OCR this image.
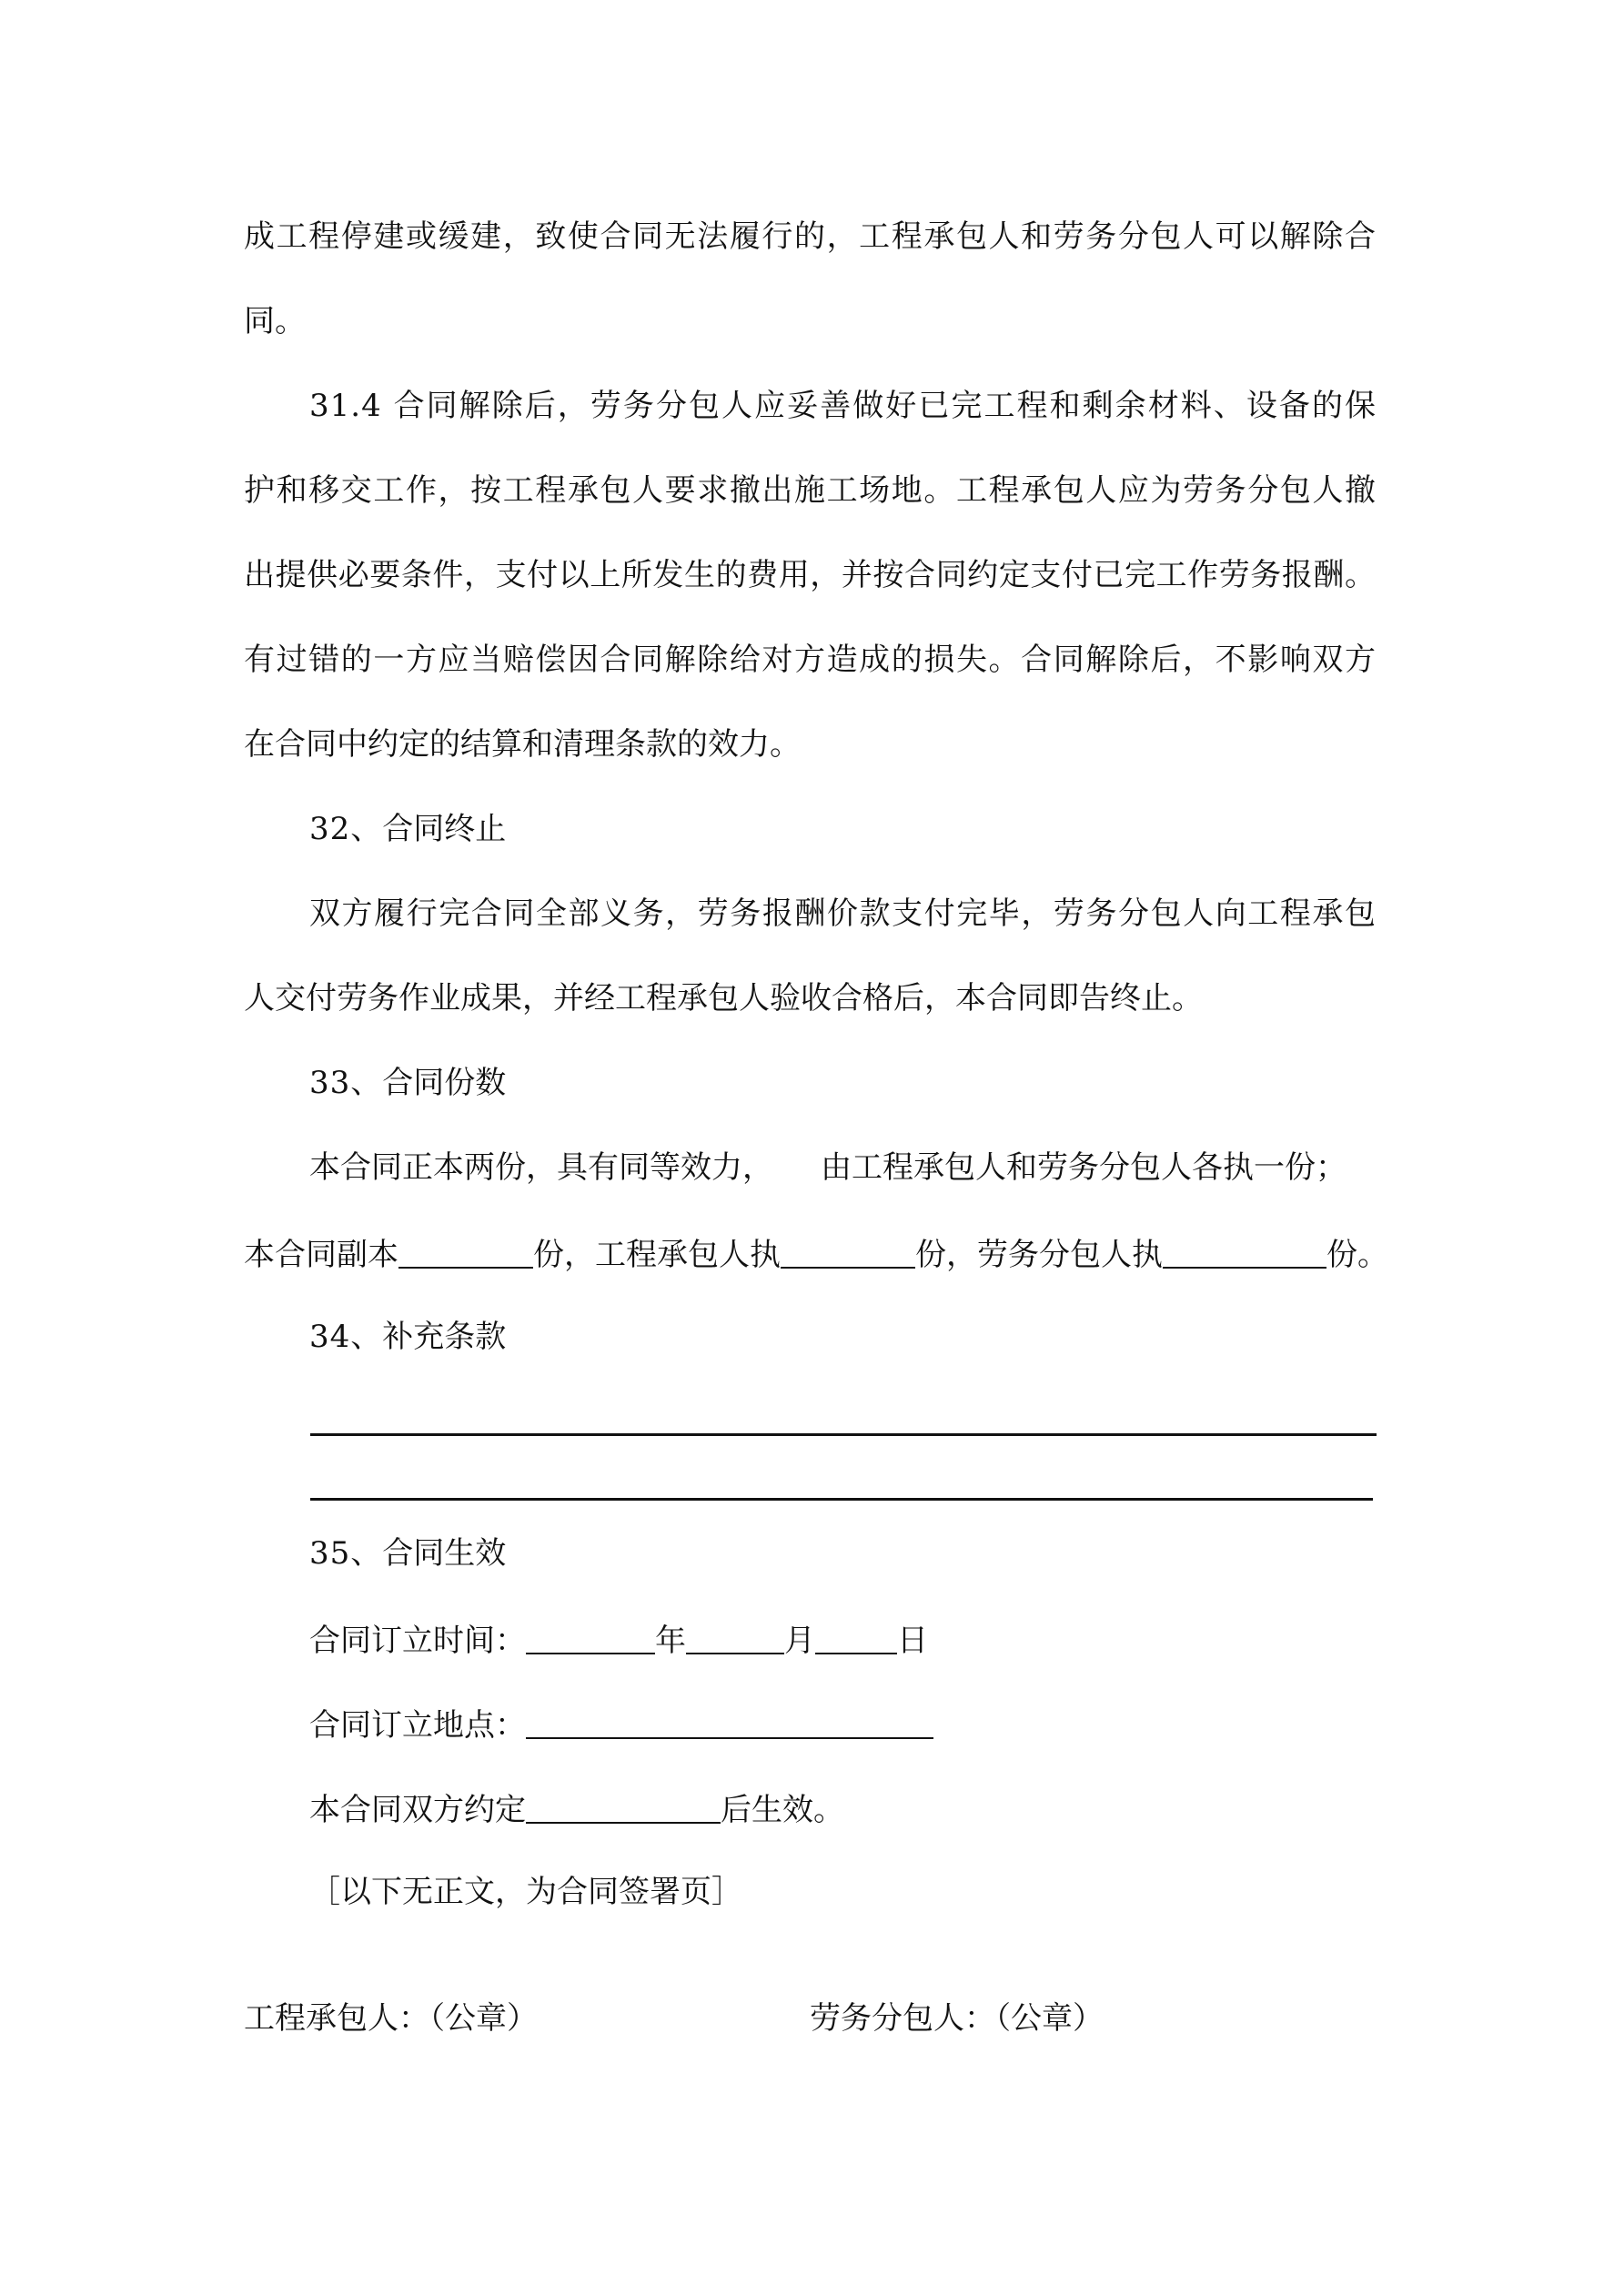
成工程停建或缓建，致使合同无法履行的，工程承包人和劳务分包人可以解除合
同。
31.4 合同解除后，劳务分包人应妥善做好已完工程和剩余材料、设备的保
护和移交工作，按工程承包人要求撤出施工场地。工程承包人应为劳务分包人撤
出提供必要条件，支付以上所发生的费用，并按合同约定支付已完工作劳务报酬。
有过错的一方应当赔偿因合同解除给对方造成的损失。合同解除后，不影响双方
在合同中约定的结算和清理条款的效力。
32、合同终止
双方履行完合同全部义务，劳务报酬价款支付完毕，劳务分包人向工程承包
人交付劳务作业成果，并经工程承包人验收合格后，本合同即告终止。
33、合同份数
本合同正本两份，具有同等效力， 由工程承包人和劳务分包人各执一份；
本合同副本	份，工程承包人执	份，劳务分包人执	份。
34、补充条款
35、合同生效
合同订立时间：	年	月	日
合同订立地点：
本合同双方约定	后生效。
［以下无正文，为合同签署页］
工程承包人：（公章）	劳务分包人：（公章）
